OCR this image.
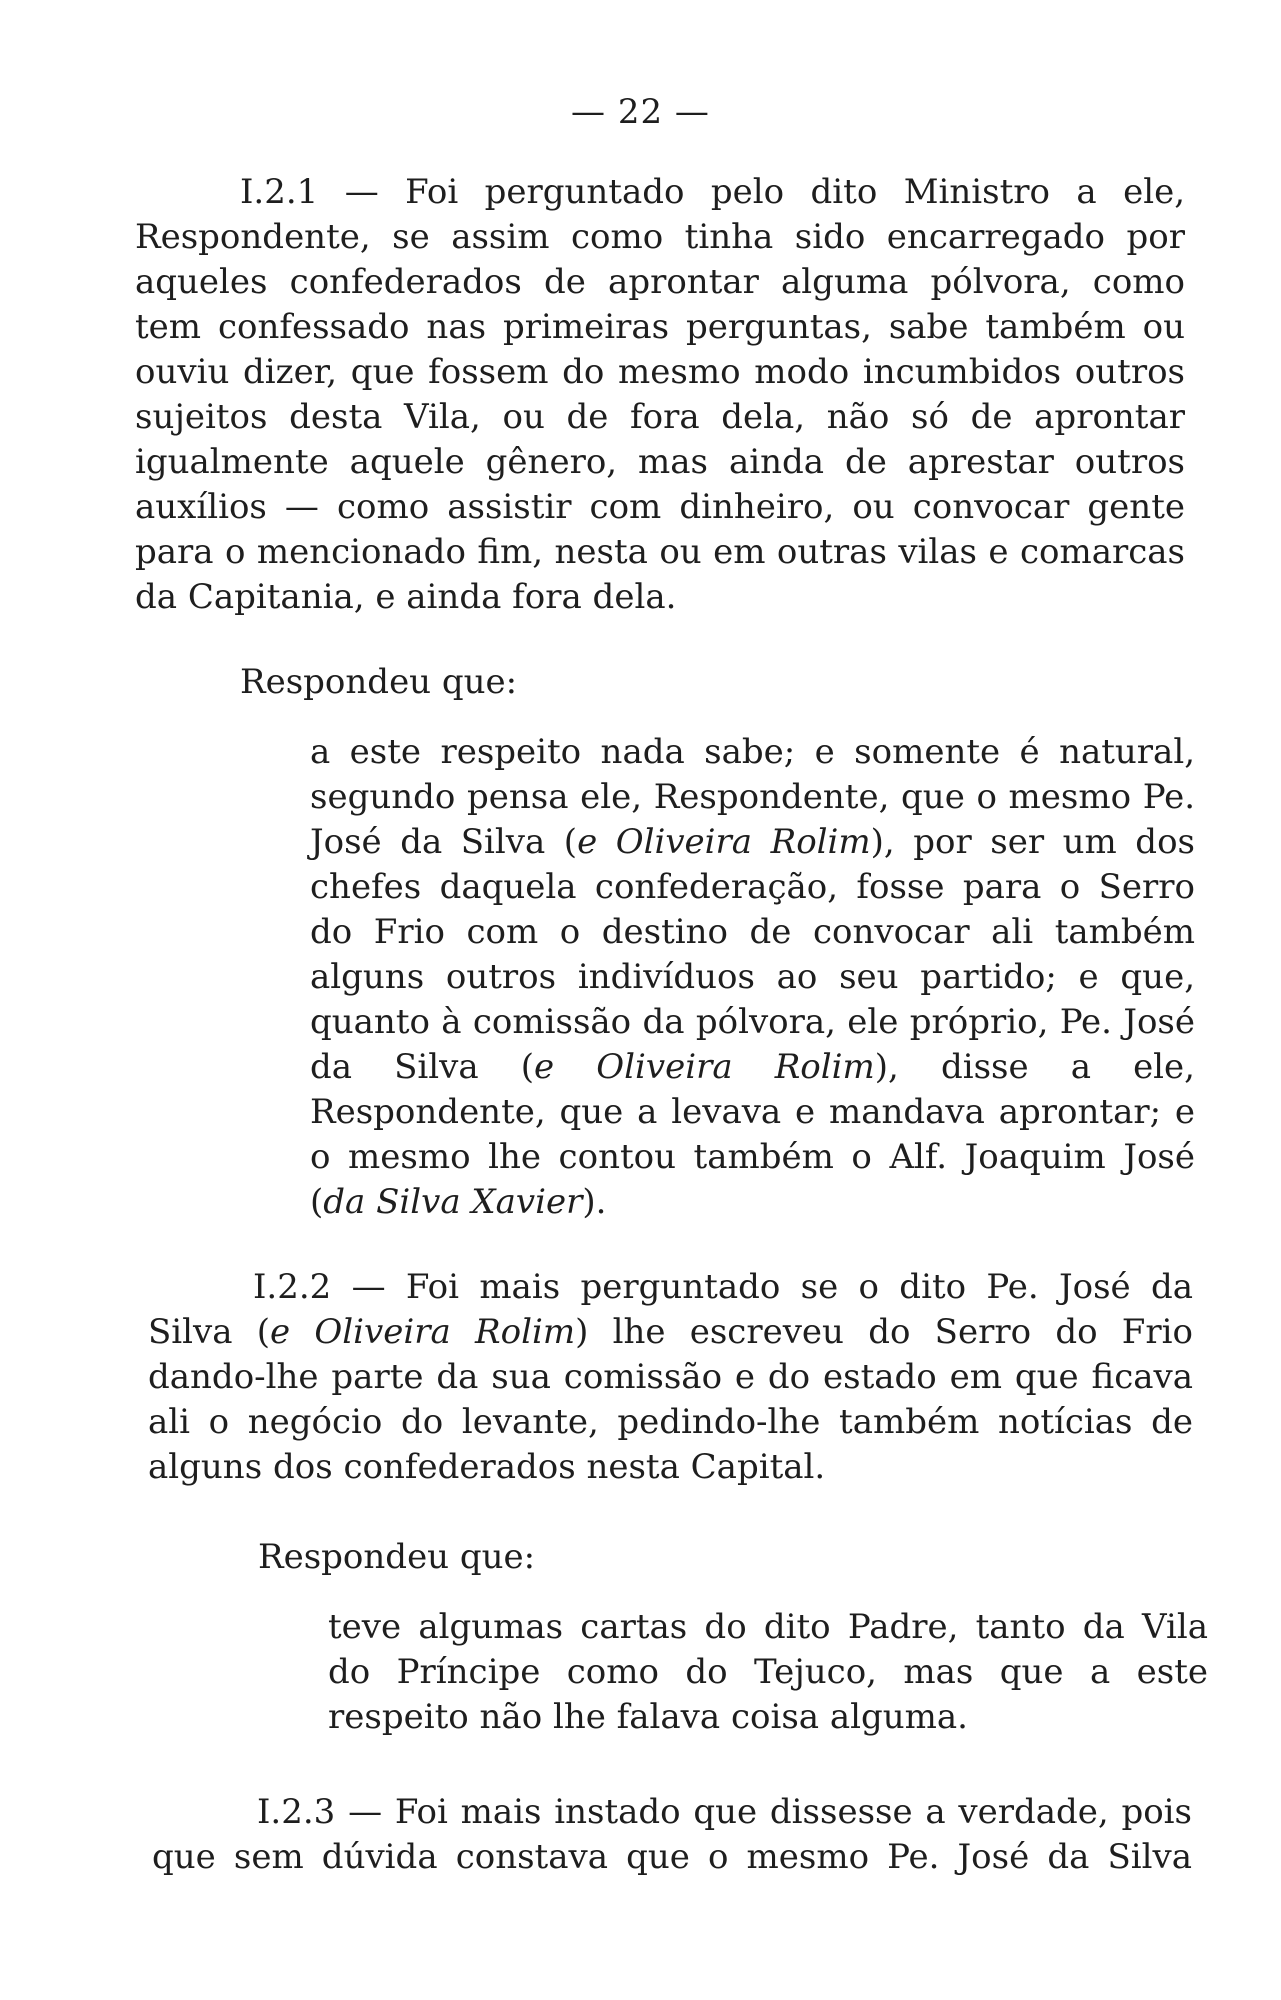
— 22 —

I.2.1 — Foi perguntado pelo dito Ministro a ele, Respondente, se assim como tinha sido encarregado por aqueles confederados de aprontar alguma pólvora, como tem confessado nas primeiras perguntas, sabe também ou ouviu dizer, que fossem do mesmo modo incumbidos outros sujeitos desta Vila, ou de fora dela, não só de aprontar igualmente aquele gênero, mas ainda de aprestar outros auxílios — como assistir com dinheiro, ou convocar gente para o mencionado fim, nesta ou em outras vilas e comarcas da Capitania, e ainda fora dela.

Respondeu que:

a este respeito nada sabe; e somente é natural, segundo pensa ele, Respondente, que o mesmo Pe. José da Silva (e Oliveira Rolim), por ser um dos chefes daquela confederação, fosse para o Serro do Frio com o destino de convocar ali também alguns outros indivíduos ao seu partido; e que, quanto à comissão da pólvora, ele próprio, Pe. José da Silva (e Oliveira Rolim), disse a ele, Respondente, que a levava e mandava aprontar; e o mesmo lhe contou também o Alf. Joaquim José (da Silva Xavier).

I.2.2 — Foi mais perguntado se o dito Pe. José da Silva (e Oliveira Rolim) lhe escreveu do Serro do Frio dando-lhe parte da sua comissão e do estado em que ficava ali o negócio do levante, pedindo-lhe também notícias de alguns dos confederados nesta Capital.

Respondeu que:

teve algumas cartas do dito Padre, tanto da Vila do Príncipe como do Tejuco, mas que a este respeito não lhe falava coisa alguma.

I.2.3 — Foi mais instado que dissesse a verdade, pois que sem dúvida constava que o mesmo Pe. José da Silva
